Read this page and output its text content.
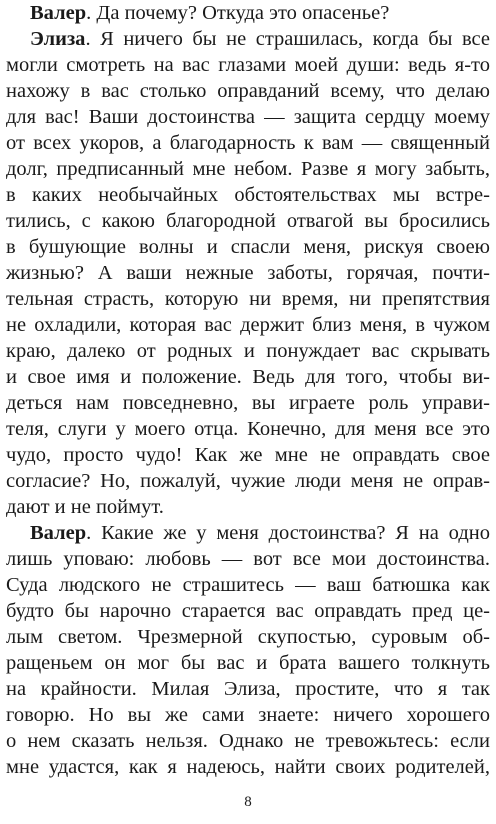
Валер. Да почему? Откуда это опасенье?
Элиза. Я ничего бы не страшилась, когда бы все
могли смотреть на вас глазами моей души: ведь я-то
нахожу в вас столько оправданий всему, что делаю
для вас! Ваши достоинства — защита сердцу моему
от всех укоров, а благодарность к вам — священный
долг, предписанный мне небом. Разве я могу забыть,
в каких необычайных обстоятельствах мы встре-
тились, с какою благородной отвагой вы бросились
в бушующие волны и спасли меня, рискуя своею
жизнью? А ваши нежные заботы, горячая, почти-
тельная страсть, которую ни время, ни препятствия
не охладили, которая вас держит близ меня, в чужом
краю, далеко от родных и понуждает вас скрывать
и свое имя и положение. Ведь для того, чтобы ви-
деться нам повседневно, вы играете роль управи-
теля, слуги у моего отца. Конечно, для меня все это
чудо, просто чудо! Как же мне не оправдать свое
согласие? Но, пожалуй, чужие люди меня не оправ-
дают и не поймут.
Валер. Какие же у меня достоинства? Я на одно
лишь уповаю: любовь — вот все мои достоинства.
Суда людского не страшитесь — ваш батюшка как
будто бы нарочно старается вас оправдать пред це-
лым светом. Чрезмерной скупостью, суровым об-
ращеньем он мог бы вас и брата вашего толкнуть
на крайности. Милая Элиза, простите, что я так
говорю. Но вы же сами знаете: ничего хорошего
о нем сказать нельзя. Однако не тревожьтесь: если
мне удастся, как я надеюсь, найти своих родителей,
8
